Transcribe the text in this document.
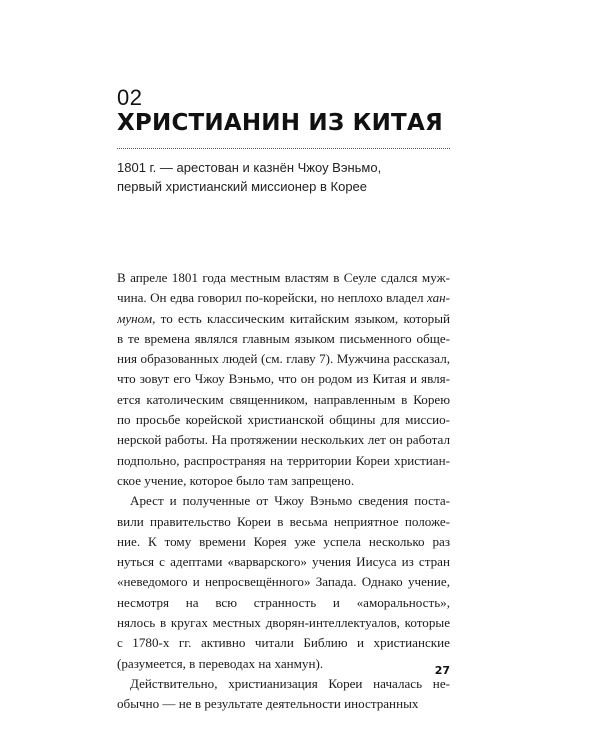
02
ХРИСТИАНИН ИЗ КИТАЯ

1801 г. — арестован и казнён Чжоу Вэньмо,
первый христианский миссионер в Корее

В апреле 1801 года местным властям в Сеуле сдался муж-
чина. Он едва говорил по-корейски, но неплохо владел хан-
муном, то есть классическим китайским языком, который
в те времена являлся главным языком письменного обще-
ния образованных людей (см. главу 7). Мужчина рассказал,
что зовут его Чжоу Вэньмо, что он родом из Китая и явля-
ется католическим священником, направленным в Корею
по просьбе корейской христианской общины для миссио-
нерской работы. На протяжении нескольких лет он работал
подпольно, распространяя на территории Кореи христиан-
ское учение, которое было там запрещено.
Арест и полученные от Чжоу Вэньмо сведения поста-
вили правительство Кореи в весьма неприятное положе-
ние. К тому времени Корея уже успела несколько раз
нуться с адептами «варварского» учения Иисуса из стран
«неведомого и непросвещённого» Запада. Однако учение,
несмотря на всю странность и «аморальность»,
нялось в кругах местных дворян-интеллектуалов, которые
с 1780-х гг. активно читали Библию и христианские
(разумеется, в переводах на ханмун).
Действительно, христианизация Кореи началась не-
обычно — не в результате деятельности иностранных

27
